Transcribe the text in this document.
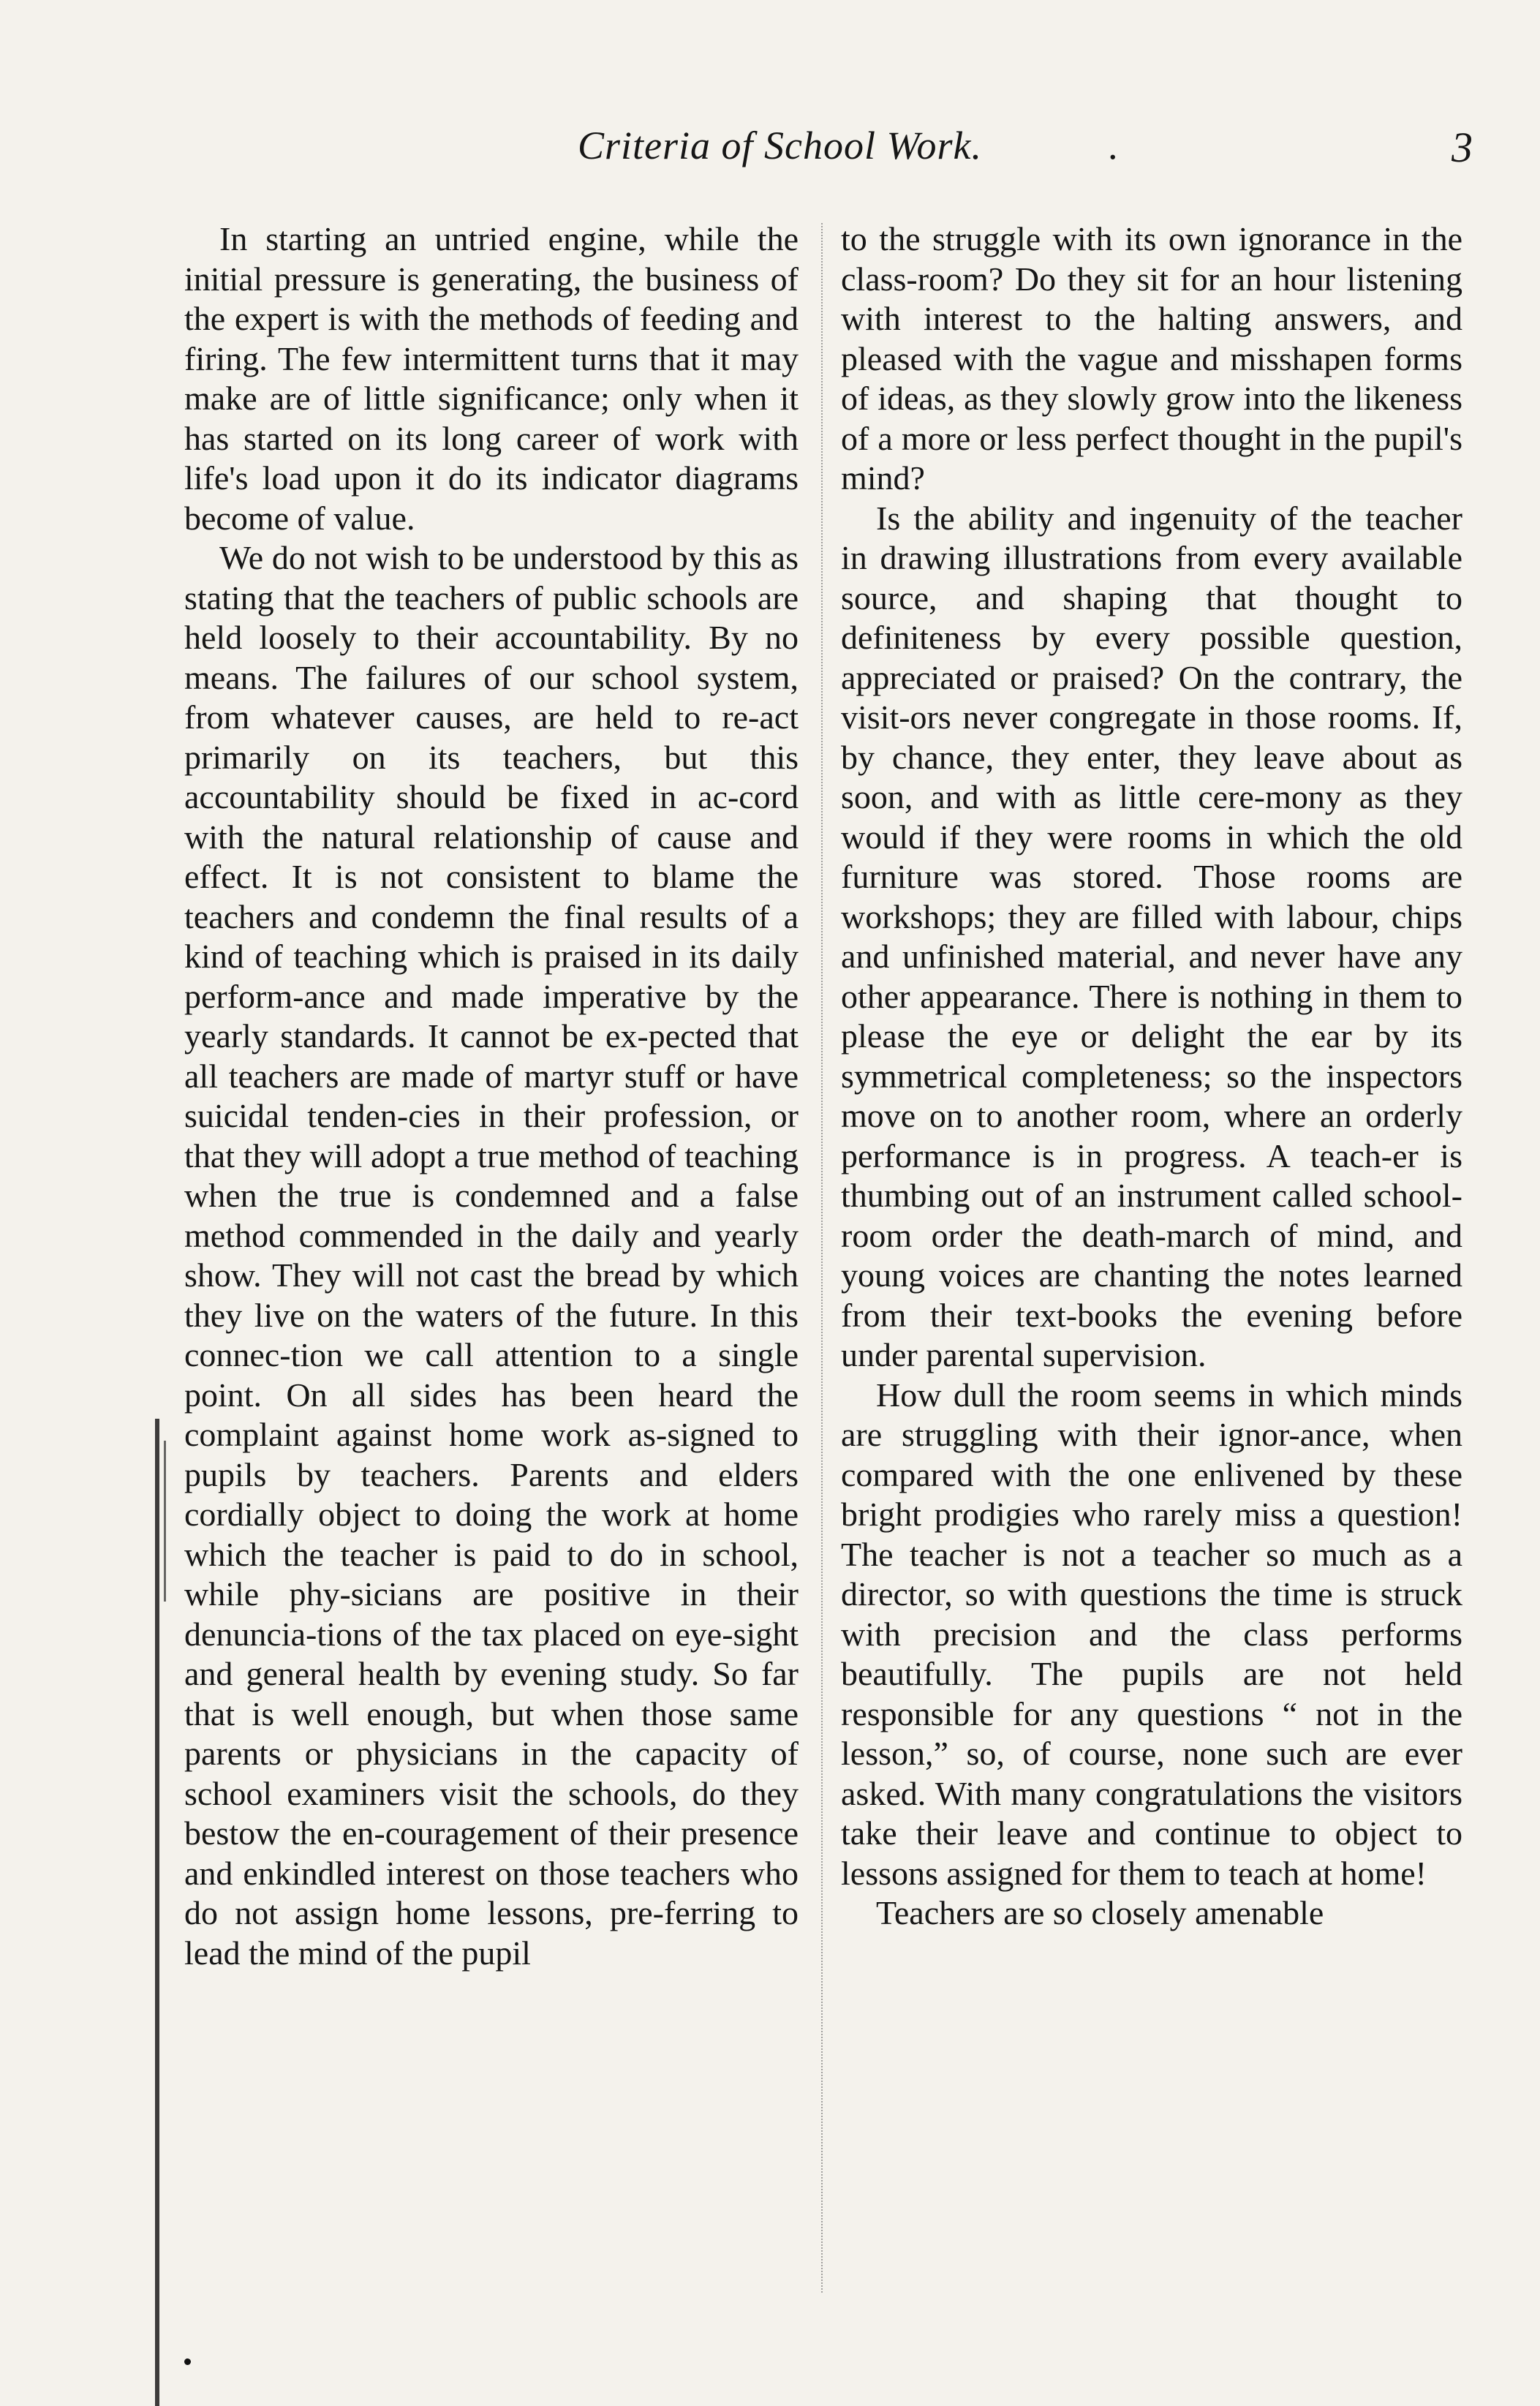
Criteria of School Work.	.	3

In starting an untried engine, while the initial pressure is generating, the business of the expert is with the methods of feeding and firing. The few intermittent turns that it may make are of little significance; only when it has started on its long career of work with life's load upon it do its indicator diagrams become of value.

We do not wish to be understood by this as stating that the teachers of public schools are held loosely to their accountability. By no means. The failures of our school system, from whatever causes, are held to re-act primarily on its teachers, but this accountability should be fixed in ac-cord with the natural relationship of cause and effect. It is not consistent to blame the teachers and condemn the final results of a kind of teaching which is praised in its daily perform-ance and made imperative by the yearly standards. It cannot be ex-pected that all teachers are made of martyr stuff or have suicidal tenden-cies in their profession, or that they will adopt a true method of teaching when the true is condemned and a false method commended in the daily and yearly show. They will not cast the bread by which they live on the waters of the future. In this connec-tion we call attention to a single point. On all sides has been heard the complaint against home work as-signed to pupils by teachers. Parents and elders cordially object to doing the work at home which the teacher is paid to do in school, while phy-sicians are positive in their denuncia-tions of the tax placed on eye-sight and general health by evening study. So far that is well enough, but when those same parents or physicians in the capacity of school examiners visit the schools, do they bestow the en-couragement of their presence and enkindled interest on those teachers who do not assign home lessons, pre-ferring to lead the mind of the pupil

to the struggle with its own ignorance in the class-room? Do they sit for an hour listening with interest to the halting answers, and pleased with the vague and misshapen forms of ideas, as they slowly grow into the likeness of a more or less perfect thought in the pupil's mind?

Is the ability and ingenuity of the teacher in drawing illustrations from every available source, and shaping that thought to definiteness by every possible question, appreciated or praised? On the contrary, the visit-ors never congregate in those rooms. If, by chance, they enter, they leave about as soon, and with as little cere-mony as they would if they were rooms in which the old furniture was stored. Those rooms are workshops; they are filled with labour, chips and unfinished material, and never have any other appearance. There is nothing in them to please the eye or delight the ear by its symmetrical completeness; so the inspectors move on to another room, where an orderly performance is in progress. A teach-er is thumbing out of an instrument called school-room order the death-march of mind, and young voices are chanting the notes learned from their text-books the evening before under parental supervision.

How dull the room seems in which minds are struggling with their ignor-ance, when compared with the one enlivened by these bright prodigies who rarely miss a question! The teacher is not a teacher so much as a director, so with questions the time is struck with precision and the class performs beautifully. The pupils are not held responsible for any questions “ not in the lesson,” so, of course, none such are ever asked. With many congratulations the visitors take their leave and continue to object to lessons assigned for them to teach at home!

Teachers are so closely amenable
